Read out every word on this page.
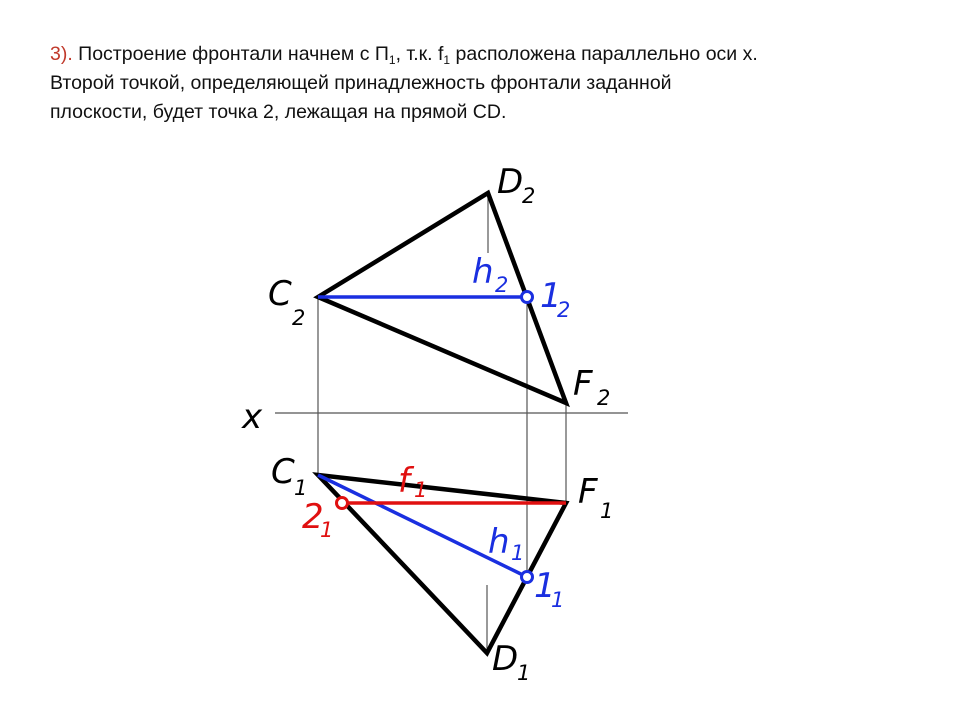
3). Построение фронтали начнем с $П_1$, т.к. $f_1$ расположена параллельно оси х.

Второй точкой, определяющей принадлежность фронтали заданной

плоскости, будет точка 2, лежащая на прямой CD.

D
2
C
2
h 2 1
2
F 2
x
C 1	f 1	F 1
2
1	h 1
1
1
D
1
